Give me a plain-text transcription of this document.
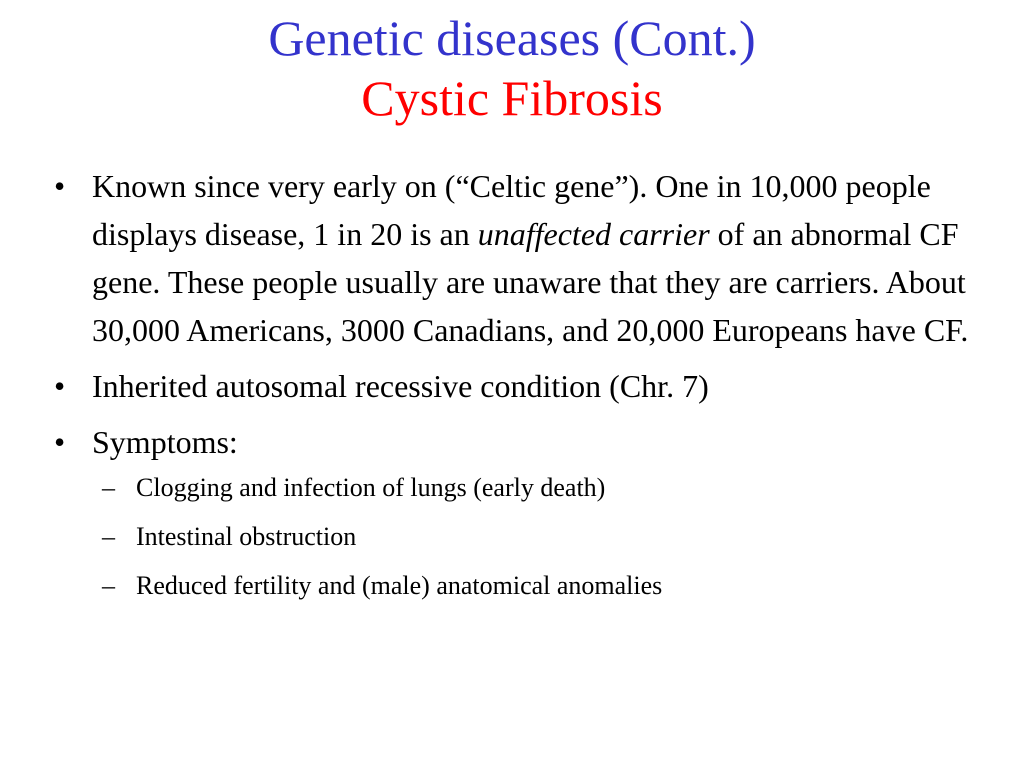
Genetic diseases (Cont.)
Cystic Fibrosis
• Known since very early on (“Celtic gene”). One in 10,000 people displays disease, 1 in 20 is an unaffected carrier of an abnormal CF gene. These people usually are unaware that they are carriers. About 30,000 Americans, 3000 Canadians, and 20,000 Europeans have CF.
• Inherited autosomal recessive condition (Chr. 7)
• Symptoms:
– Clogging and infection of lungs (early death)
– Intestinal obstruction
– Reduced fertility and (male) anatomical anomalies
